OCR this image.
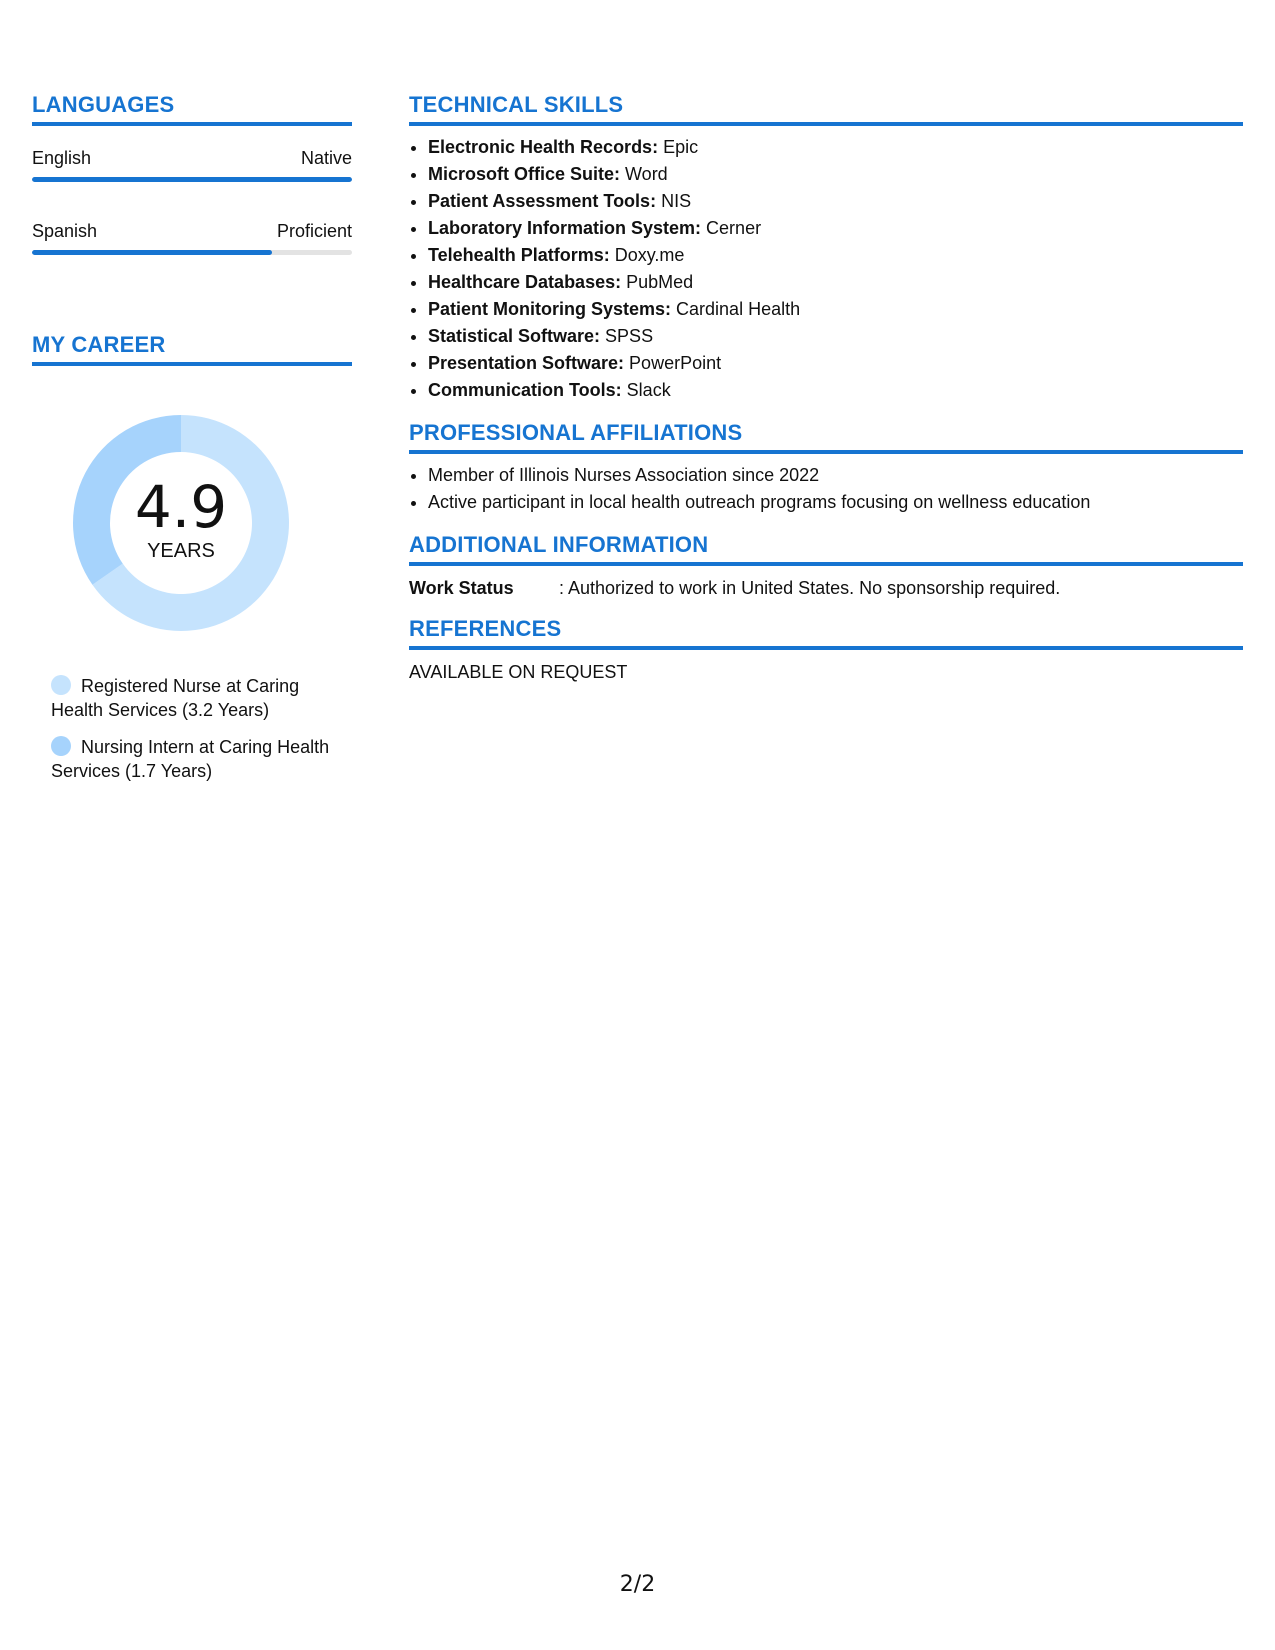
LANGUAGES
English	Native
Spanish	Proficient
MY CAREER
4.9
YEARS
Registered Nurse at Caring Health Services (3.2 Years)
Nursing Intern at Caring Health Services (1.7 Years)
TECHNICAL SKILLS
• Electronic Health Records: Epic
• Microsoft Office Suite: Word
• Patient Assessment Tools: NIS
• Laboratory Information System: Cerner
• Telehealth Platforms: Doxy.me
• Healthcare Databases: PubMed
• Patient Monitoring Systems: Cardinal Health
• Statistical Software: SPSS
• Presentation Software: PowerPoint
• Communication Tools: Slack
PROFESSIONAL AFFILIATIONS
• Member of Illinois Nurses Association since 2022
• Active participant in local health outreach programs focusing on wellness education
ADDITIONAL INFORMATION
Work Status	: Authorized to work in United States. No sponsorship required.
REFERENCES
AVAILABLE ON REQUEST
2/2
